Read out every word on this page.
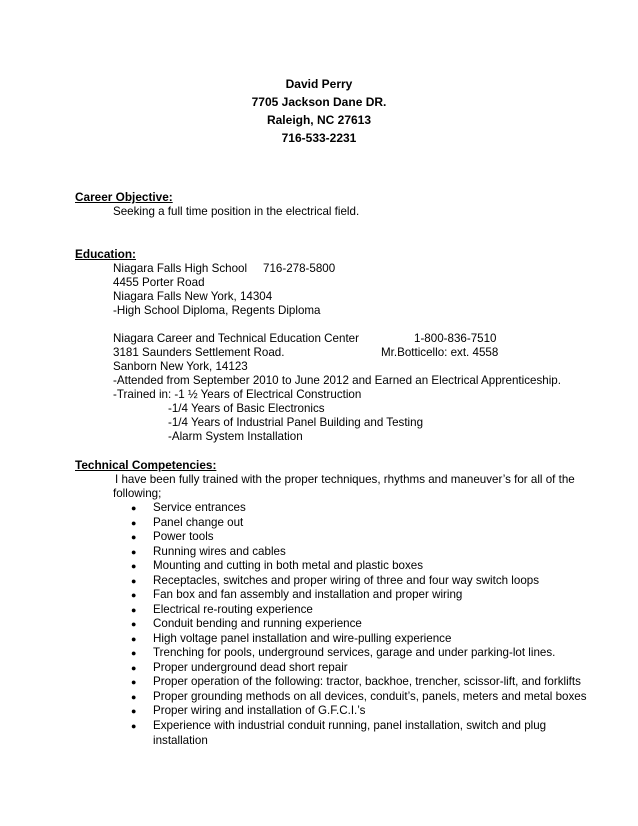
David Perry
7705 Jackson Dane DR.
Raleigh, NC 27613
716-533-2231
Career Objective:
Seeking a full time position in the electrical field.
Education:
Niagara Falls High School 716-278-5800
4455 Porter Road
Niagara Falls New York, 14304
-High School Diploma, Regents Diploma
Niagara Career and Technical Education Center	1-800-836-7510
3181 Saunders Settlement Road.	Mr.Botticello: ext. 4558
Sanborn New York, 14123
-Attended from September 2010 to June 2012 and Earned an Electrical Apprenticeship.
-Trained in: -1 ½ Years of Electrical Construction
-1/4 Years of Basic Electronics
-1/4 Years of Industrial Panel Building and Testing
-Alarm System Installation
Technical Competencies:
I have been fully trained with the proper techniques, rhythms and maneuver’s for all of the
following;
● Service entrances
● Panel change out
● Power tools
● Running wires and cables
● Mounting and cutting in both metal and plastic boxes
● Receptacles, switches and proper wiring of three and four way switch loops
● Fan box and fan assembly and installation and proper wiring
● Electrical re-routing experience
● Conduit bending and running experience
● High voltage panel installation and wire-pulling experience
● Trenching for pools, underground services, garage and under parking-lot lines.
● Proper underground dead short repair
● Proper operation of the following: tractor, backhoe, trencher, scissor-lift, and forklifts
● Proper grounding methods on all devices, conduit’s, panels, meters and metal boxes
● Proper wiring and installation of G.F.C.I.’s
● Experience with industrial conduit running, panel installation, switch and plug
installation
